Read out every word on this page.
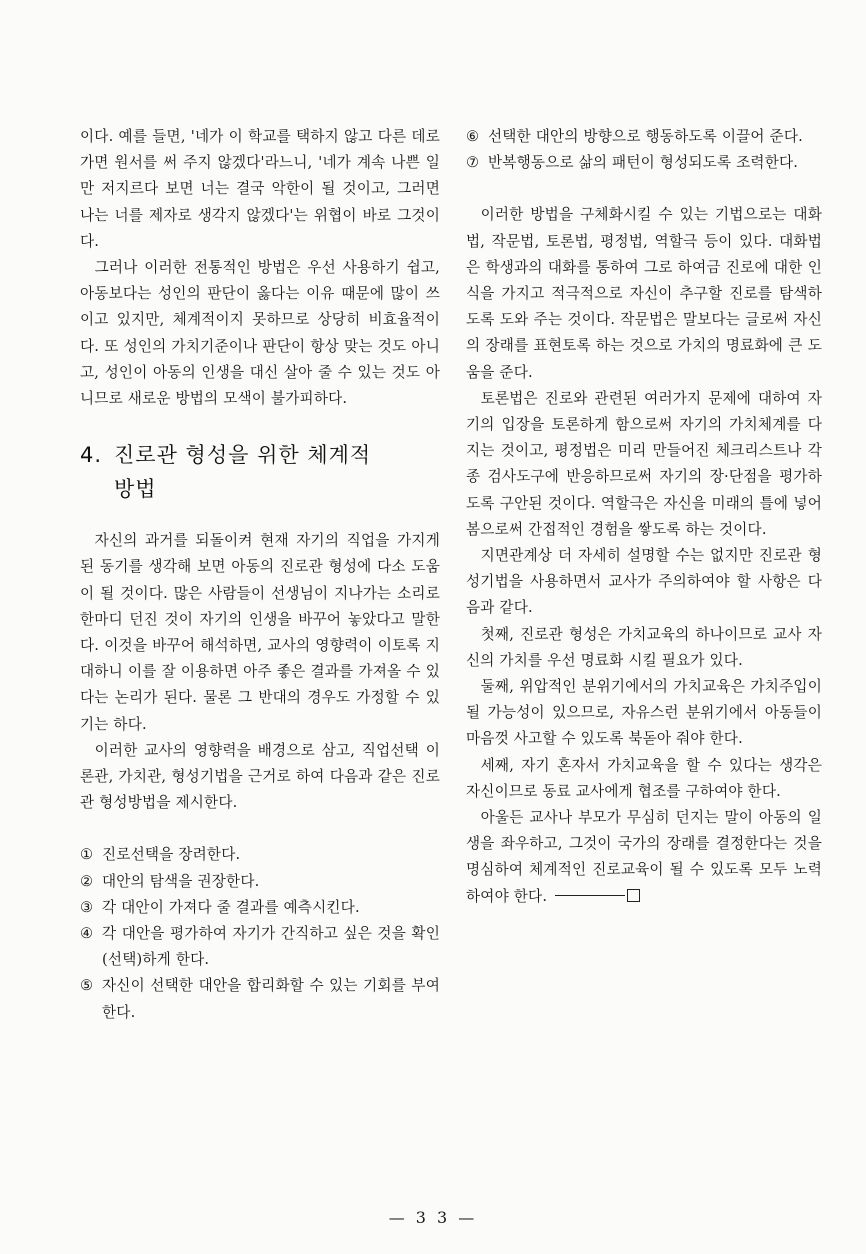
이다. 예를 들면, '네가 이 학교를 택하지 않고 다른 데로 가면 원서를 써 주지 않겠다'라느니, '네가 계속 나쁜 일만 저지르다 보면 너는 결국 악한이 될 것이고, 그러면 나는 너를 제자로 생각지 않겠다'는 위협이 바로 그것이다.

그러나 이러한 전통적인 방법은 우선 사용하기 쉽고, 아동보다는 성인의 판단이 옳다는 이유 때문에 많이 쓰이고 있지만, 체계적이지 못하므로 상당히 비효율적이다. 또 성인의 가치기준이나 판단이 항상 맞는 것도 아니고, 성인이 아동의 인생을 대신 살아 줄 수 있는 것도 아니므로 새로운 방법의 모색이 불가피하다.

4. 진로관 형성을 위한 체계적
방법

자신의 과거를 되돌이켜 현재 자기의 직업을 가지게 된 동기를 생각해 보면 아동의 진로관 형성에 다소 도움이 될 것이다. 많은 사람들이 선생님이 지나가는 소리로 한마디 던진 것이 자기의 인생을 바꾸어 놓았다고 말한다. 이것을 바꾸어 해석하면, 교사의 영향력이 이토록 지대하니 이를 잘 이용하면 아주 좋은 결과를 가져올 수 있다는 논리가 된다. 물론 그 반대의 경우도 가정할 수 있기는 하다.

이러한 교사의 영향력을 배경으로 삼고, 직업선택 이론관, 가치관, 형성기법을 근거로 하여 다음과 같은 진로관 형성방법을 제시한다.

① 진로선택을 장려한다.
② 대안의 탐색을 권장한다.
③ 각 대안이 가져다 줄 결과를 예측시킨다.
④ 각 대안을 평가하여 자기가 간직하고 싶은 것을 확인 (선택)하게 한다.
⑤ 자신이 선택한 대안을 합리화할 수 있는 기회를 부여한다.
⑥ 선택한 대안의 방향으로 행동하도록 이끌어 준다.
⑦ 반복행동으로 삶의 패턴이 형성되도록 조력한다.

이러한 방법을 구체화시킬 수 있는 기법으로는 대화법, 작문법, 토론법, 평정법, 역할극 등이 있다. 대화법은 학생과의 대화를 통하여 그로 하여금 진로에 대한 인식을 가지고 적극적으로 자신이 추구할 진로를 탐색하도록 도와 주는 것이다. 작문법은 말보다는 글로써 자신의 장래를 표현토록 하는 것으로 가치의 명료화에 큰 도움을 준다.

토론법은 진로와 관련된 여러가지 문제에 대하여 자기의 입장을 토론하게 함으로써 자기의 가치체계를 다지는 것이고, 평정법은 미리 만들어진 체크리스트나 각종 검사도구에 반응하므로써 자기의 장·단점을 평가하도록 구안된 것이다. 역할극은 자신을 미래의 틀에 넣어 봄으로써 간접적인 경험을 쌓도록 하는 것이다.

지면관계상 더 자세히 설명할 수는 없지만 진로관 형성기법을 사용하면서 교사가 주의하여야 할 사항은 다음과 같다.

첫째, 진로관 형성은 가치교육의 하나이므로 교사 자신의 가치를 우선 명료화 시킬 필요가 있다.

둘째, 위압적인 분위기에서의 가치교육은 가치주입이 될 가능성이 있으므로, 자유스런 분위기에서 아동들이 마음껏 사고할 수 있도록 북돋아 줘야 한다.

세째, 자기 혼자서 가치교육을 할 수 있다는 생각은 자신이므로 동료 교사에게 협조를 구하여야 한다.

아울든 교사나 부모가 무심히 던지는 말이 아동의 일생을 좌우하고, 그것이 국가의 장래를 결정한다는 것을 명심하여 체계적인 진로교육이 될 수 있도록 모두 노력하여야 한다.

— 3 3 —
